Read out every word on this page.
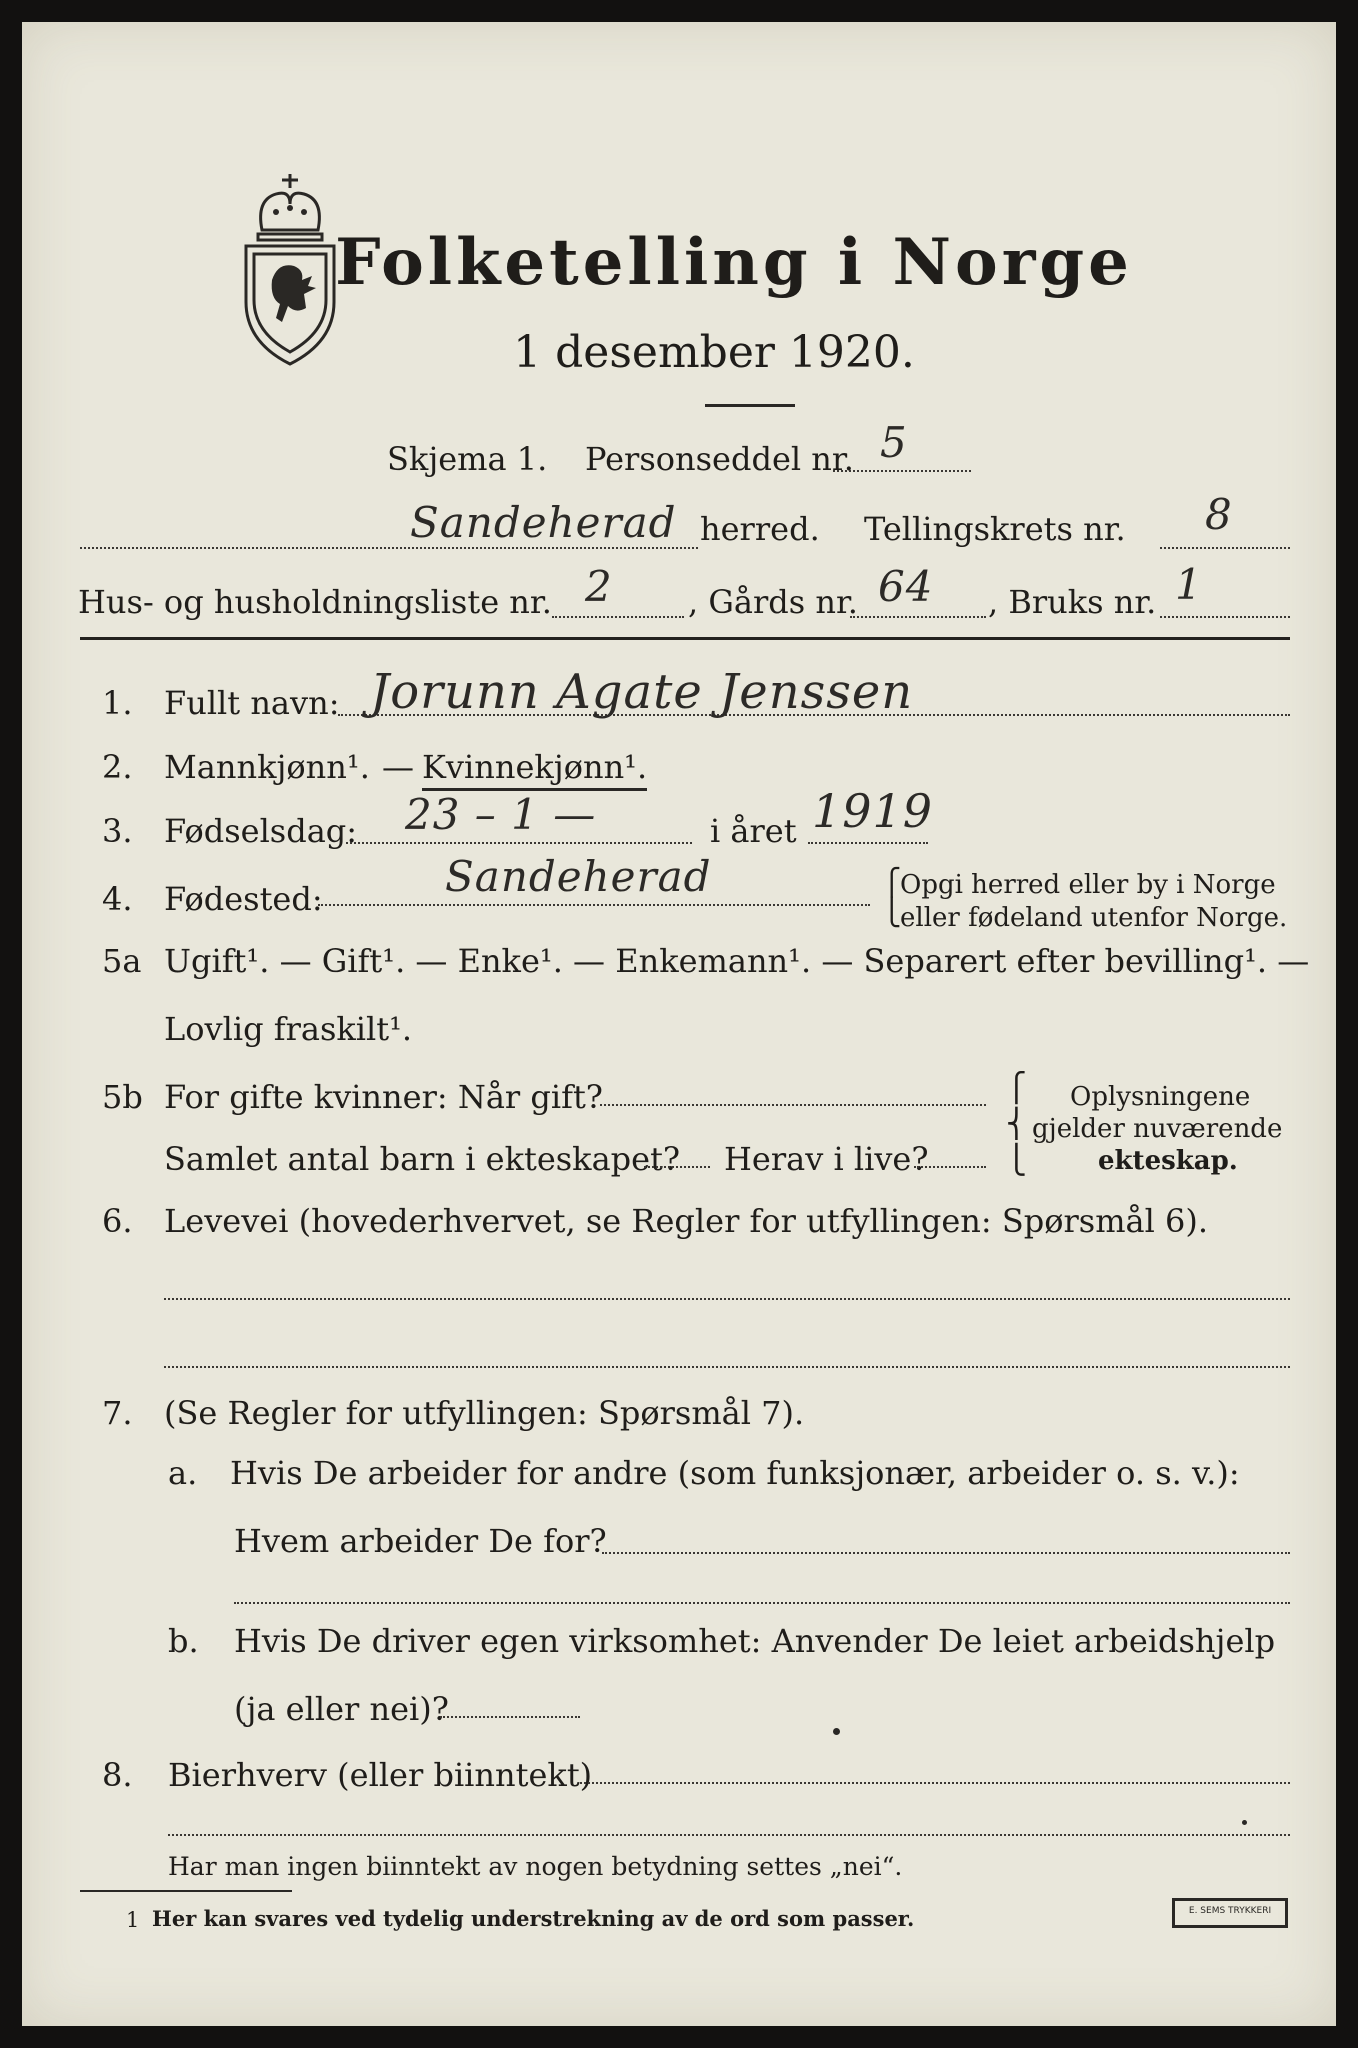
Folketelling i Norge
1 desember 1920.
Skjema 1. Personseddel nr. 5
Sandeherad herred. Tellingskrets nr. 8
Hus- og husholdningsliste nr. 2 , Gårds nr. 64 , Bruks nr. 1
1. Fullt navn: Jorunn Agate Jenssen
2. Mannkjønn¹. — Kvinnekjønn¹.
3. Fødselsdag: 23 – 1 —	i året 1919
4. Fødested:	Sandeherad	⎧
⎩
Opgi herred eller by i Norge
eller fødeland utenfor Norge.
5a Ugift¹. — Gift¹. — Enke¹. — Enkemann¹. — Separert efter bevilling¹. —
Lovlig fraskilt¹.
5b For gifte kvinner: Når gift?
Samlet antal barn i ekteskapet? Herav i live?
⎧
⎨
⎩
Oplysningene
gjelder nuværende
ekteskap.
6. Levevei (hovederhvervet, se Regler for utfyllingen: Spørsmål 6).
7. (Se Regler for utfyllingen: Spørsmål 7).
a. Hvis De arbeider for andre (som funksjonær, arbeider o. s. v.):
Hvem arbeider De for?
b. Hvis De driver egen virksomhet: Anvender De leiet arbeidshjelp
(ja eller nei)?
8. Bierhverv (eller biinntekt)
Har man ingen biinntekt av nogen betydning settes „nei“.
1 Her kan svares ved tydelig understrekning av de ord som passer.	E. SEMS TRYKKERI
